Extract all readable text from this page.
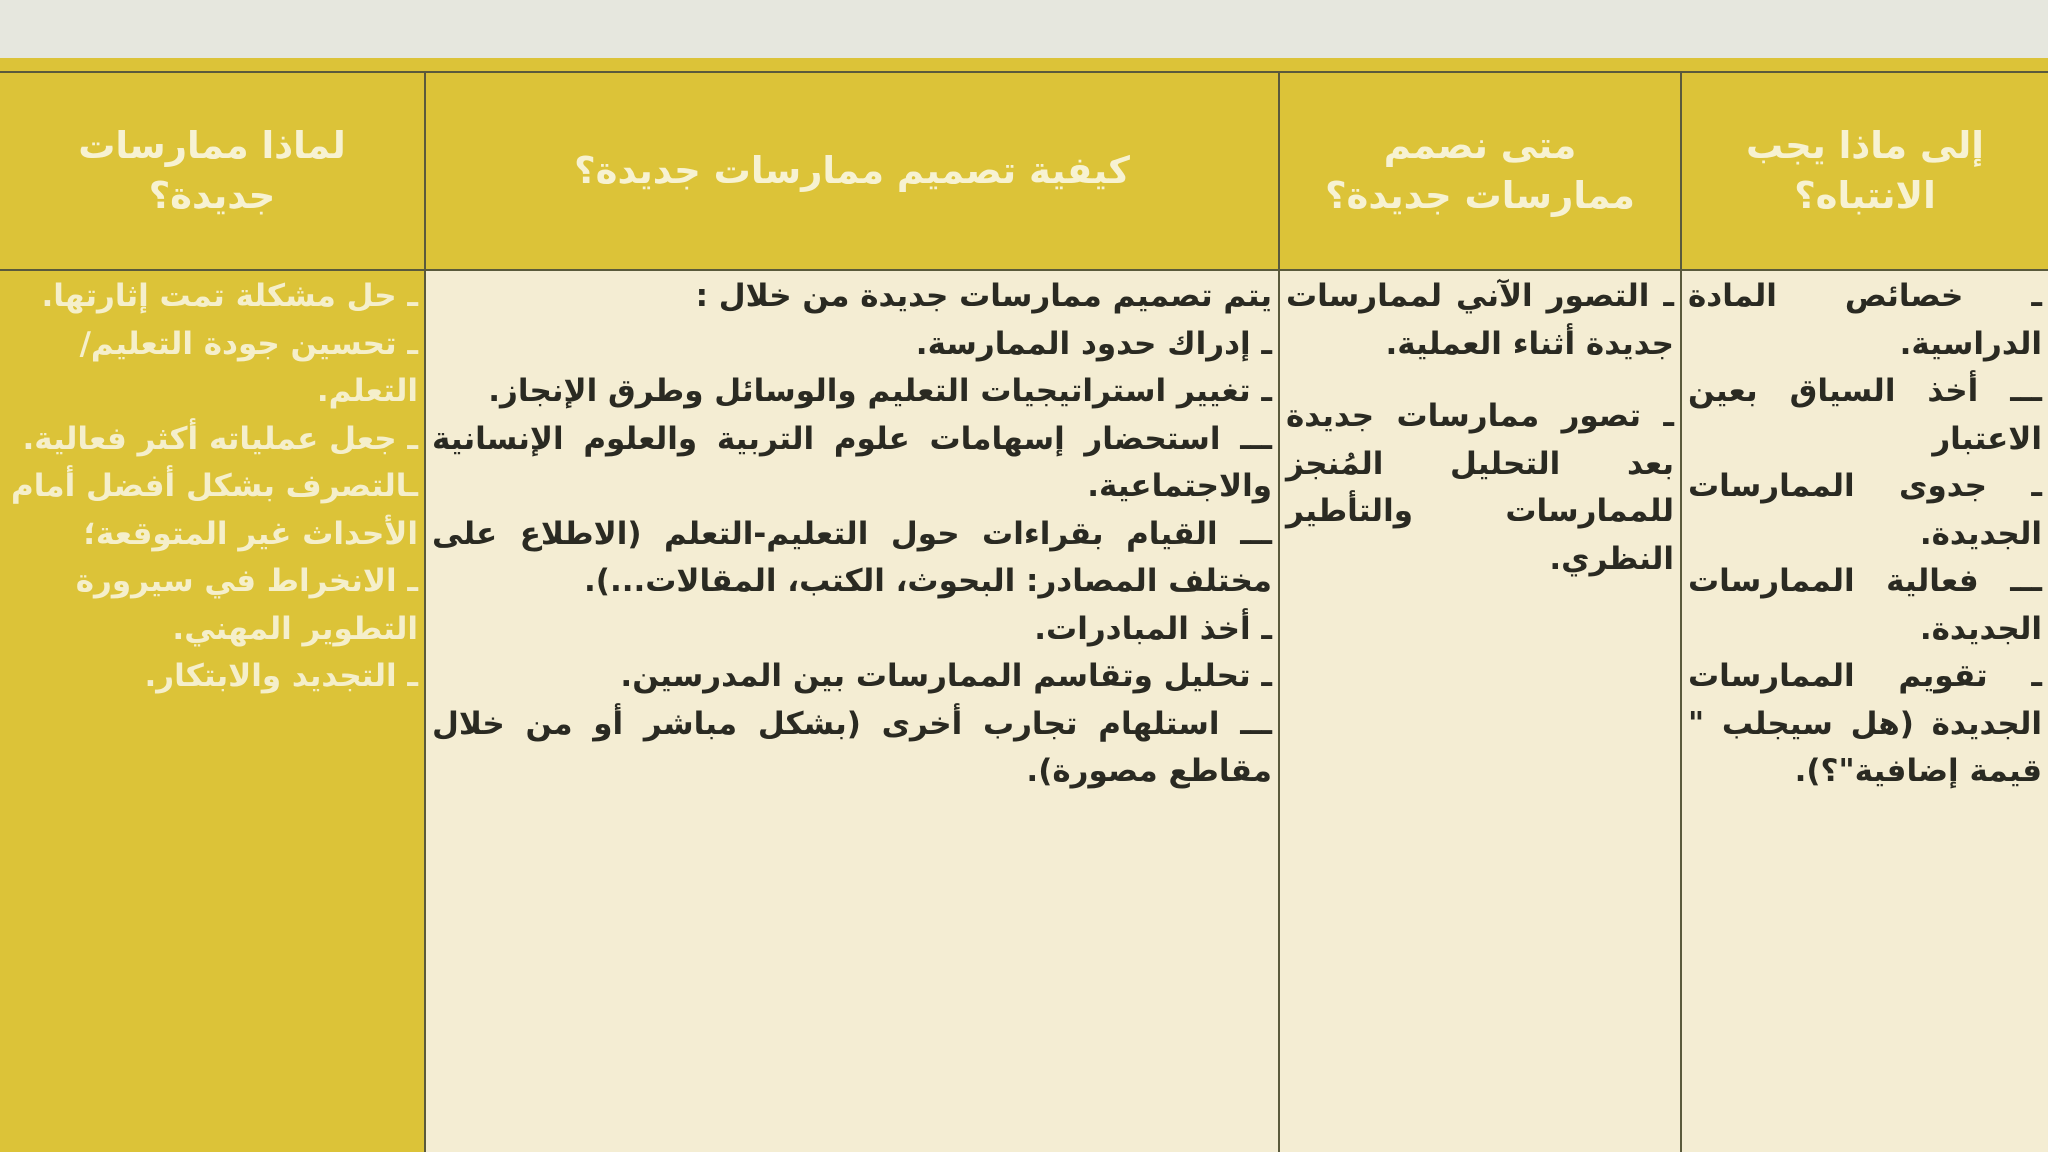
إلى ماذا يجب الانتباه؟
ـ خصائص المادة الدراسية.
ـــ أخذ السياق بعين الاعتبار
ـ جدوى الممارسات الجديدة.
ـــ فعالية الممارسات الجديدة.
ـ تقويم الممارسات الجديدة (هل سيجلب " قيمة إضافية"؟).
متى نصمم ممارسات جديدة؟
ـ التصور الآني لممارسات جديدة أثناء العملية.
ـ تصور ممارسات جديدة بعد التحليل المُنجز للممارسات والتأطير النظري.
كيفية تصميم ممارسات جديدة؟
يتم تصميم ممارسات جديدة من خلال :
ـ إدراك حدود الممارسة.
ـ تغيير استراتيجيات التعليم والوسائل وطرق الإنجاز.
ـــ استحضار إسهامات علوم التربية والعلوم الإنسانية والاجتماعية.
ـــ القيام بقراءات حول التعليم-التعلم (الاطلاع على مختلف المصادر: البحوث، الكتب، المقالات...).
ـ أخذ المبادرات.
ـ تحليل وتقاسم الممارسات بين المدرسين.
ـــ استلهام تجارب أخرى (بشكل مباشر أو من خلال مقاطع مصورة).
لماذا ممارسات جديدة؟
ـ حل مشكلة تمت إثارتها.
ـ تحسين جودة التعليم/ التعلم.
ـ جعل عملياته أكثر فعالية.
ـالتصرف بشكل أفضل أمام الأحداث غير المتوقعة؛
ـ الانخراط في سيرورة التطوير المهني.
ـ التجديد والابتكار.
